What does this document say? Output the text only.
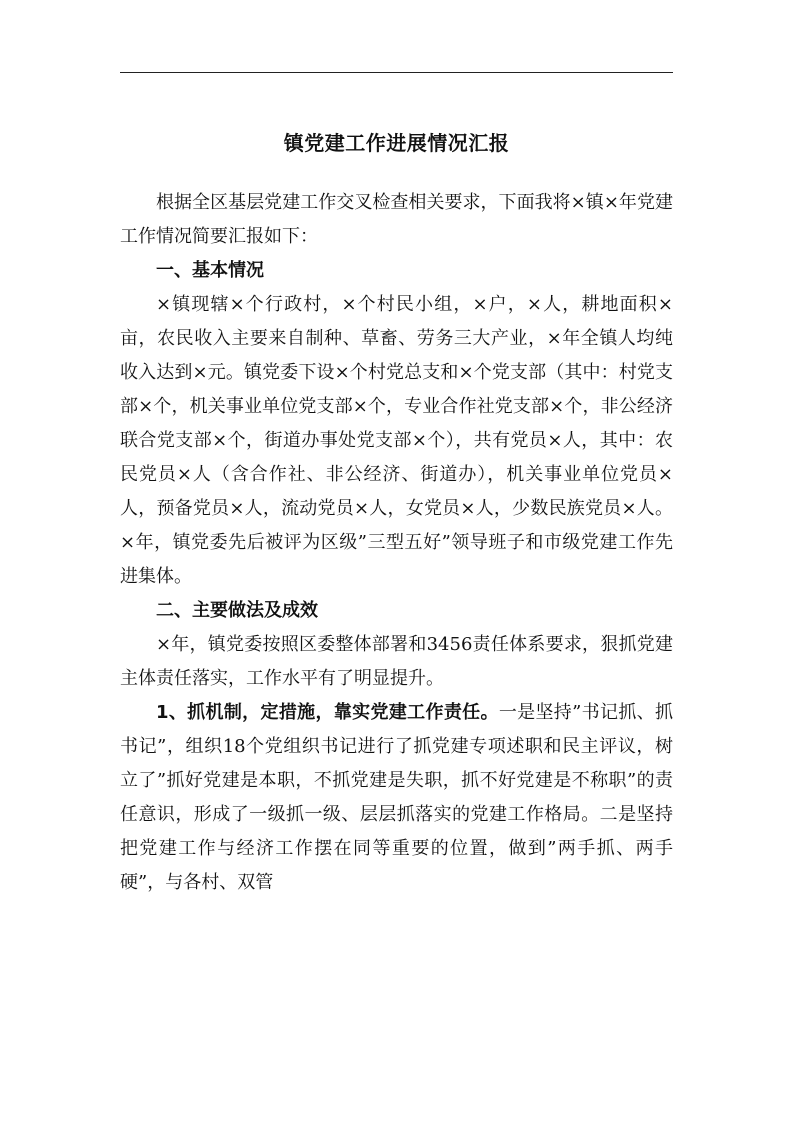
镇党建工作进展情况汇报

根据全区基层党建工作交叉检查相关要求，下面我将×镇×年党建工作情况简要汇报如下：

一、基本情况

×镇现辖×个行政村，×个村民小组，×户，×人，耕地面积×亩，农民收入主要来自制种、草畜、劳务三大产业，×年全镇人均纯收入达到×元。镇党委下设×个村党总支和×个党支部（其中：村党支部×个，机关事业单位党支部×个，专业合作社党支部×个，非公经济联合党支部×个，街道办事处党支部×个），共有党员×人，其中：农民党员×人（含合作社、非公经济、街道办），机关事业单位党员×人，预备党员×人，流动党员×人，女党员×人，少数民族党员×人。×年，镇党委先后被评为区级”三型五好”领导班子和市级党建工作先进集体。

二、主要做法及成效

×年，镇党委按照区委整体部署和3456责任体系要求，狠抓党建主体责任落实，工作水平有了明显提升。

1、抓机制，定措施，靠实党建工作责任。一是坚持”书记抓、抓书记”，组织18个党组织书记进行了抓党建专项述职和民主评议，树立了”抓好党建是本职，不抓党建是失职，抓不好党建是不称职”的责任意识，形成了一级抓一级、层层抓落实的党建工作格局。二是坚持把党建工作与经济工作摆在同等重要的位置，做到”两手抓、两手硬”，与各村、双管
